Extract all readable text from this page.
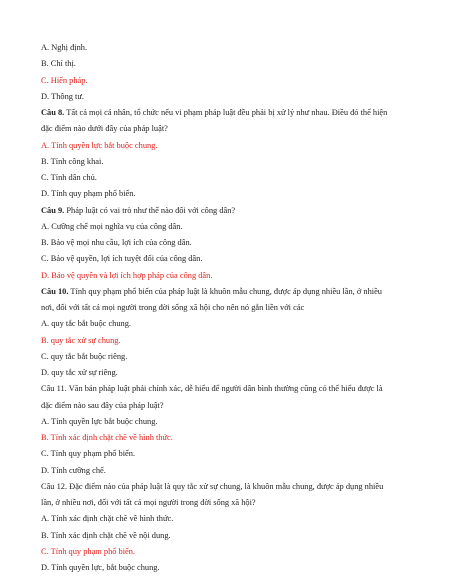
A. Nghị định.
B. Chỉ thị.
C. Hiến pháp.
D. Thông tư.
Câu 8. Tất cả mọi cá nhân, tổ chức nếu vi phạm pháp luật đều phải bị xử lý như nhau. Điều đó thể hiện
đặc điểm nào dưới đây của pháp luật?
A. Tính quyền lực bắt buộc chung.
B. Tính công khai.
C. Tính dân chủ.
D. Tính quy phạm phổ biến.
Câu 9. Pháp luật có vai trò như thế nào đối với công dân?
A. Cưỡng chế mọi nghĩa vụ của công dân.
B. Bảo vệ mọi nhu cầu, lợi ích của công dân.
C. Bảo vệ quyền, lợi ích tuyệt đối của công dân.
D. Bảo vệ quyền và lợi ích hợp pháp của công dân.
Câu 10. Tính quy phạm phổ biến của pháp luật là khuôn mẫu chung, được áp dụng nhiều lần, ở nhiều
nơi, đối với tất cả mọi người trong đời sống xã hội cho nên nó gắn liền với các
A. quy tắc bắt buộc chung.
B. quy tắc xử sự chung.
C. quy tắc bắt buộc riêng.
D. quy tắc xử sự riêng.
Câu 11. Văn bản pháp luật phải chính xác, dễ hiểu để người dân bình thường cũng có thể hiểu được là
đặc điểm nào sau đây của pháp luật?
A. Tính quyền lực bắt buộc chung.
B. Tính xác định chặt chẽ về hình thức.
C. Tính quy phạm phổ biến.
D. Tính cưỡng chế.
Câu 12. Đặc điểm nào của pháp luật là quy tắc xử sự chung, là khuôn mẫu chung, được áp dụng nhiều
lần, ở nhiều nơi, đối với tất cả mọi người trong đời sống xã hội?
A. Tính xác định chặt chẽ về hình thức.
B. Tính xác định chặt chẽ về nội dung.
C. Tính quy phạm phổ biến.
D. Tính quyền lực, bắt buộc chung.
